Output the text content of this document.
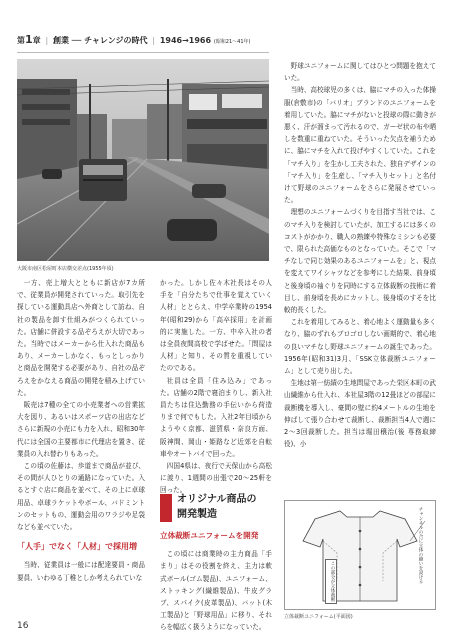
第1章 | 創業 ── チャレンジの時代 | 1946→1966 (昭和21〜41年)
大阪市南区松屋町本店横交差点(1955年頃)

一方、売上増大とともに新店が7カ所で、従業員が開発されていった。取引先を探している運動具店へ外商として訪ね、自社の製品を卸す仕組みがつくられていった。店舗に併設する品ぞろえが大切であった。当時ではメーカーから仕入れた商品もあり、メーカーしかなく、もっとしっかりと商品を開発する必要があり、自社の品ぞろえをかなえる商品の開発を積み上げていた。

販売は7種の全ての小売業者への営業拡大を図り、あるいはスポーツ店の出店などさらに新規の小売にも力を入れ、昭和30年代には全国の主要都市に代理店を置き、従業員の入れ替わりもあった。

この頃の佐藤は、歩道まで商品が並び、その間が人ひとりの通路になっていた。入るとすぐ店に商品を並べて、その上に卓球用品、卓球ラケットやボール、バドミントンのセットもの、運動会用のワラジや足袋なども並べていた。

「人手」でなく「人材」で採用増

当時、従業員は一般には配達要員・商品要員、いわゆる丁稚としか考えられていな

かった。しかし佐々木社長はその人手を「自分たちで仕事を覚えていく人材」ととらえ、中学卒業時の1954年(昭和29)から「高卒採用」を計画的に実施した。一方、中卒入社の者は全員夜間高校で学ばせた。「問屋は人材」と知り、その質を重視していたのである。

社員は全員「住み込み」であった。店舗の2階で寝泊まりし、新入社員たちは住込勤務の手伝いから荷造りまで何でもした。入社2年目頃からようやく京都、滋賀県・奈良方面、阪神間、岡山・姫路など近郊を自転車やオートバイで回った。

四国4県は、夜行で天保山から高松に渡り、1週間の出張で20〜25軒を回った。

オリジナル商品の
開発製造

立体裁断ユニフォームを開発

この頃には商業時の主力商品「手まり」はその役割を終え、主力は軟式ボール(ゴム製品)、ユニフォーム、ストッキング(繊維製品)、牛皮グラブ、スパイク(皮革製品)、バット(木工製品)と「野球用品」に移り、それらを幅広く扱うようになっていた。

野球ユニフォームに関してはひとつ問題を抱えていた。

当時、高校球児の多くは、脇にマチの入った体操服(倉敷市)の「バリオ」ブランドのユニフォームを着用していた。脇にマチがないと投球の際に動きが悪く、汗が溜まって汚れるので、ガーゼ状の布や晒しを数重に重ねていた。そういった欠点を補うために、脇にマチを入れて投げやすくしていた。これを「マチ入り」を生かし工夫された、独自デザインの「マチ入り」を生産し、「マチ入りセット」と名付けて野球のユニフォームをさらに発展させていった。

理想のユニフォームづくりを目指す当社では、このマチ入りを検討していたが、加工するには多くのコストがかかり、職人の熟練や特殊なミシンも必要で、限られた高価なものとなっていた。そこで「マチなしで同じ効果のあるユニフォームを」と、視点を変えてワイシャツなどを参考にした結果、前身頃と後身頃の袖ぐりを同時にする立体裁断の技術に着目し、前身頃を長めにカットし、後身頃のすそを比較的長くした。

これを着用してみると、着心地よく運動量も多くなり、脇のずれもブロゴロしない画期的で、着心地の良いマチなし野球ユニフォームの誕生であった。1956年(昭和31)3月、「SSK立体裁断ユニフォーム」として売り出した。

生地は第一紡績の生地問屋であった栄区本町の武山繊維から仕入れ、本社屋3階の12畳ほどの部屋に裁断機を導入し、豪間の壁に約4メートルの生地を伸ばして張り合わせて裁断し、裁断担当4人で週に2〜3回裁断した。担当は堀田穣治(後 専務取締役)、小

チャンネルの合に立体の縫いを設ける
この部分が立体裁断
立体裁断ユニフォーム(平面図)
16
